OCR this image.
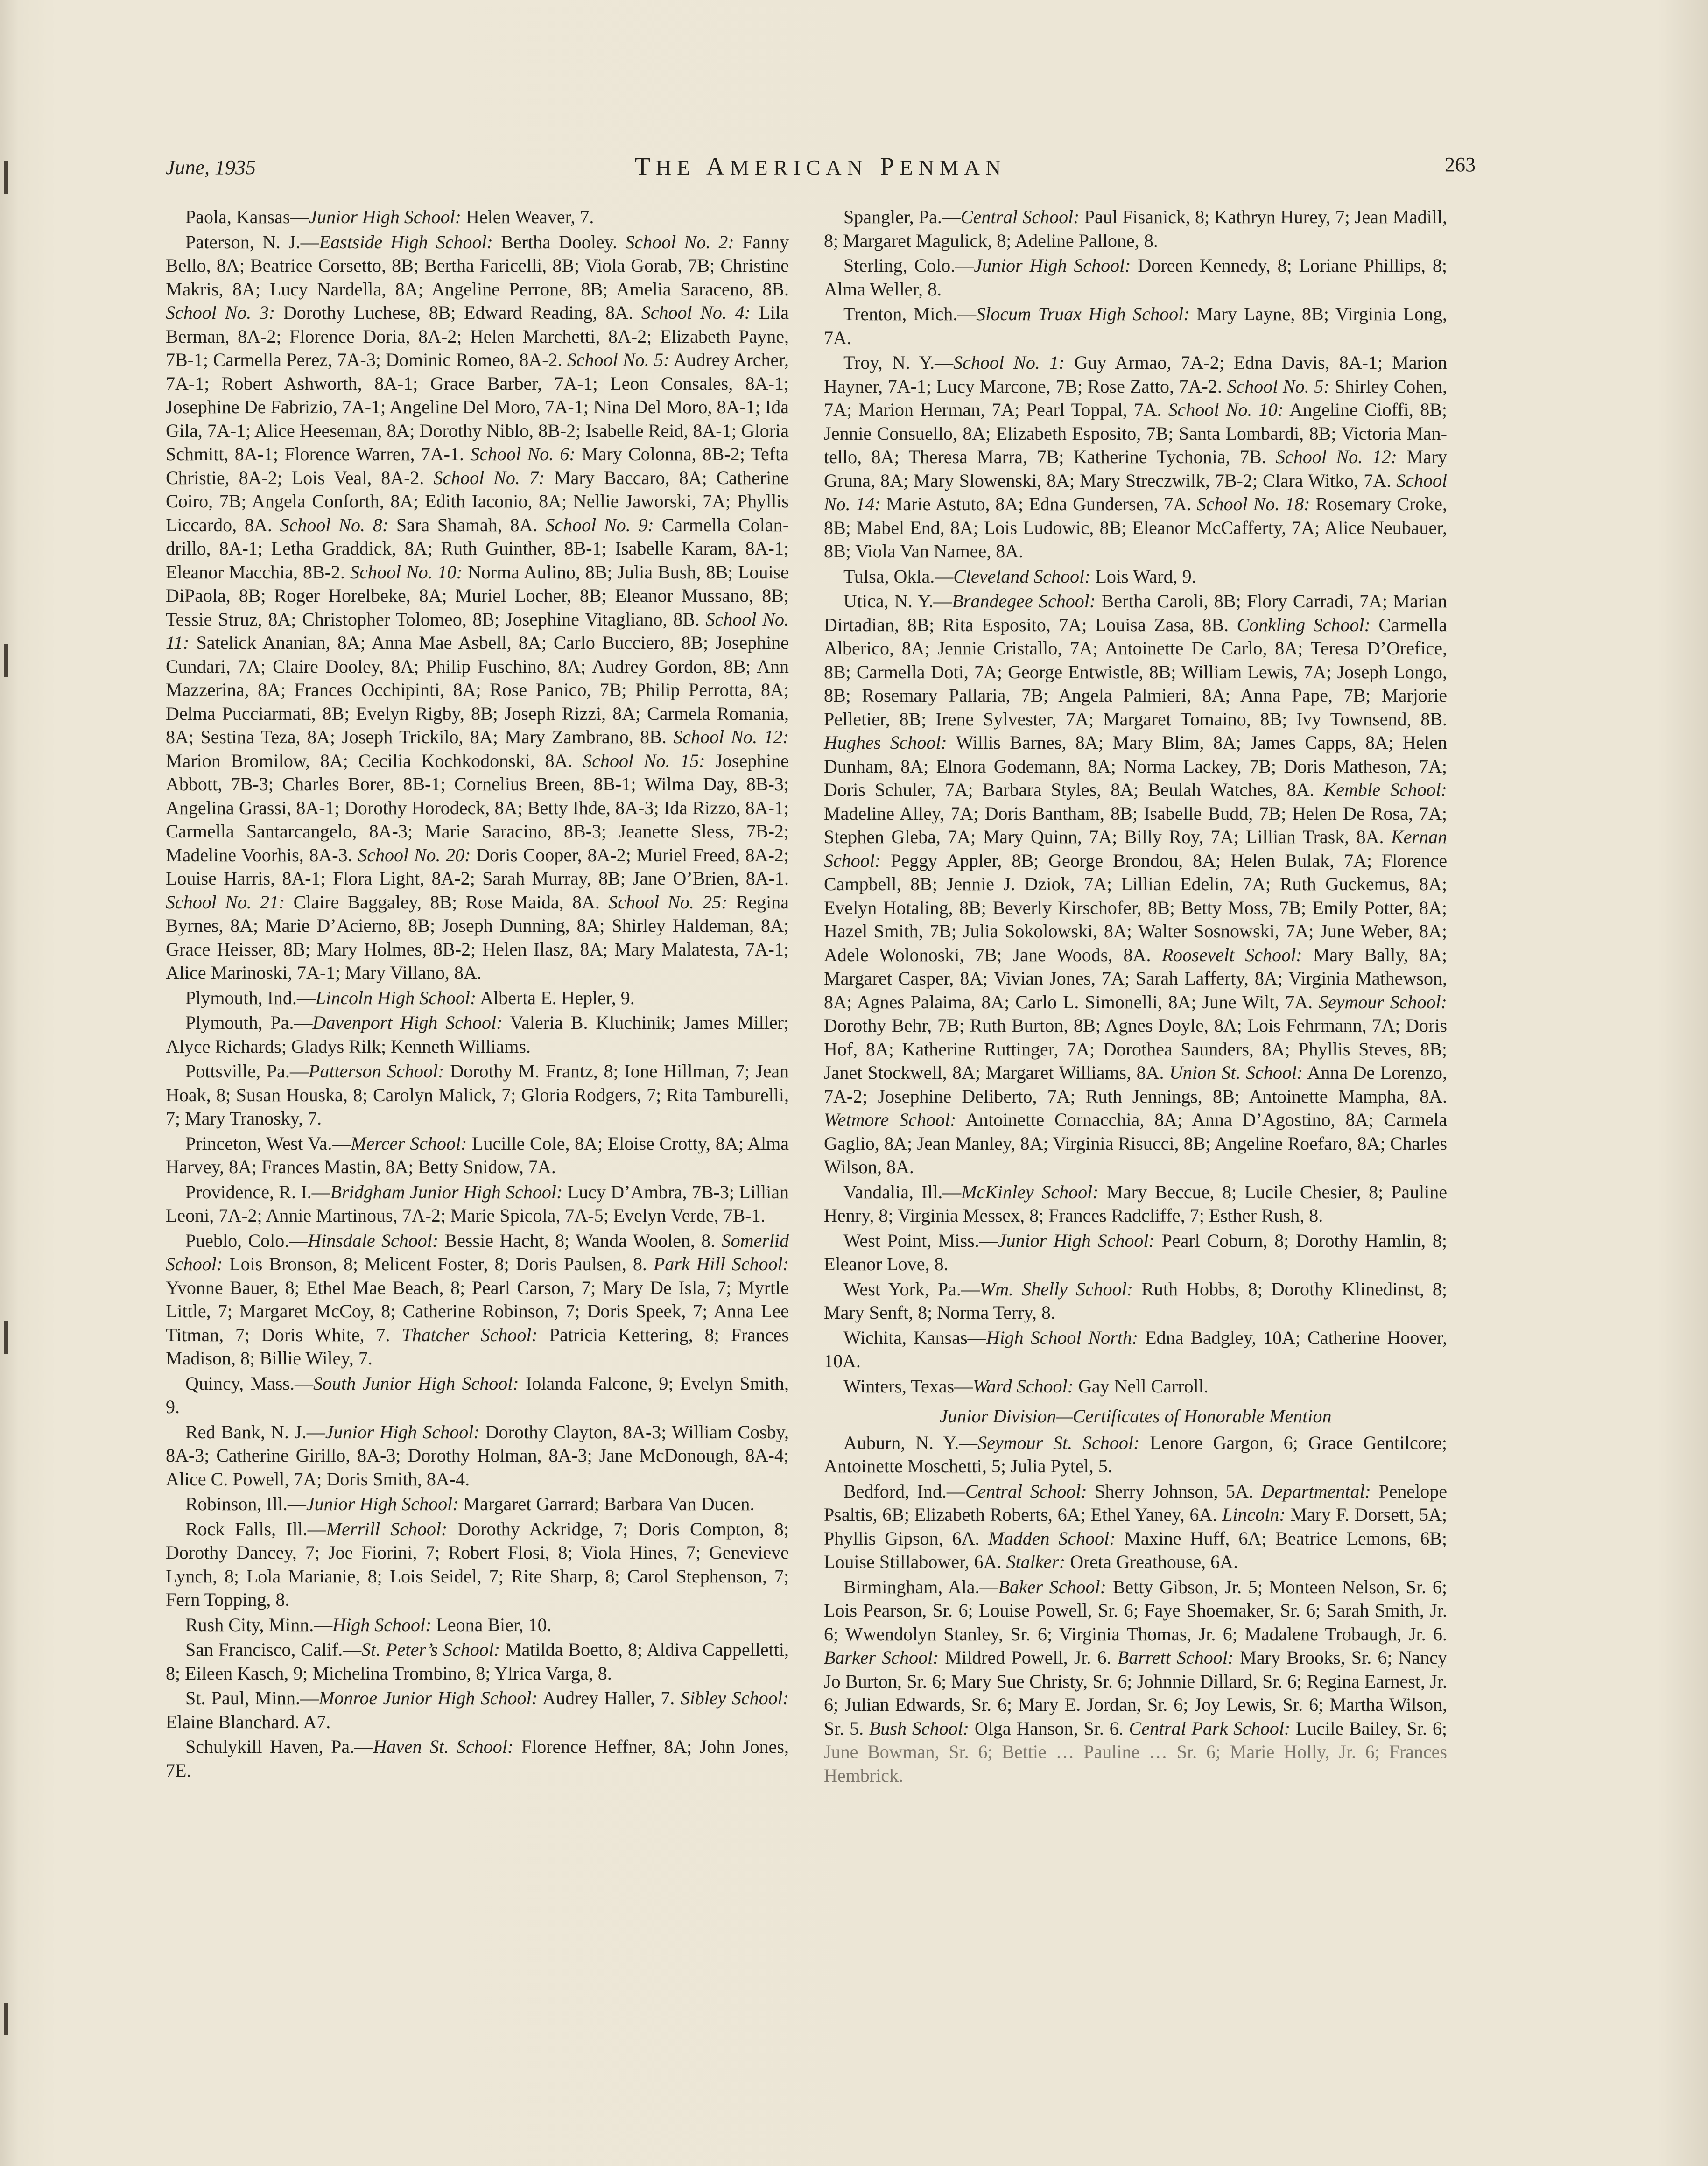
June, 1935	THE AMERICAN PENMAN	263

Paola, Kansas—Junior High School: Helen Weaver, 7.

Paterson, N. J.—Eastside High School: Bertha Dooley. School No. 2: Fanny Bello, 8A; Beatrice Corsetto, 8B; Bertha Faricelli, 8B; Viola Gorab, 7B; Christine Makris, 8A; Lucy Nardella, 8A; Angeline Perrone, 8B; Amelia Saraceno, 8B. School No. 3: Dorothy Luchese, 8B; Edward Reading, 8A. School No. 4: Lila Berman, 8A-2; Florence Doria, 8A-2; Helen Marchetti, 8A-2; Elizabeth Payne, 7B-1; Carmella Perez, 7A-3; Dominic Romeo, 8A-2. School No. 5: Audrey Archer, 7A-1; Robert Ashworth, 8A-1; Grace Barber, 7A-1; Leon Consales, 8A-1; Josephine De Fabrizio, 7A-1; Angeline Del Moro, 7A-1; Nina Del Moro, 8A-1; Ida Gila, 7A-1; Alice Heeseman, 8A; Dorothy Niblo, 8B-2; Isabelle Reid, 8A-1; Gloria Schmitt, 8A-1; Florence Warren, 7A-1. School No. 6: Mary Colonna, 8B-2; Tefta Christie, 8A-2; Lois Veal, 8A-2. School No. 7: Mary Baccaro, 8A; Catherine Coiro, 7B; Angela Conforth, 8A; Edith Iaconio, 8A; Nellie Jaworski, 7A; Phyllis Liccardo, 8A. School No. 8: Sara Shamah, 8A. School No. 9: Carmella Colandrillo, 8A-1; Letha Graddick, 8A; Ruth Guinther, 8B-1; Isabelle Karam, 8A-1; Eleanor Macchia, 8B-2. School No. 10: Norma Aulino, 8B; Julia Bush, 8B; Louise DiPaola, 8B; Roger Horelbeke, 8A; Muriel Locher, 8B; Eleanor Mussano, 8B; Tessie Struz, 8A; Christopher Tolomeo, 8B; Josephine Vitagliano, 8B. School No. 11: Satelick Ananian, 8A; Anna Mae Asbell, 8A; Carlo Bucciero, 8B; Josephine Cundari, 7A; Claire Dooley, 8A; Philip Fuschino, 8A; Audrey Gordon, 8B; Ann Mazzerina, 8A; Frances Occhipinti, 8A; Rose Panico, 7B; Philip Perrotta, 8A; Delma Pucciarmati, 8B; Evelyn Rigby, 8B; Joseph Rizzi, 8A; Carmela Romania, 8A; Sestina Teza, 8A; Joseph Trickilo, 8A; Mary Zambrano, 8B. School No. 12: Marion Bromilow, 8A; Cecilia Kochkodonski, 8A. School No. 15: Josephine Abbott, 7B-3; Charles Borer, 8B-1; Cornelius Breen, 8B-1; Wilma Day, 8B-3; Angelina Grassi, 8A-1; Dorothy Horodeck, 8A; Betty Ihde, 8A-3; Ida Rizzo, 8A-1; Carmella Santarcangelo, 8A-3; Marie Saracino, 8B-3; Jeanette Sless, 7B-2; Madeline Voorhis, 8A-3. School No. 20: Doris Cooper, 8A-2; Muriel Freed, 8A-2; Louise Harris, 8A-1; Flora Light, 8A-2; Sarah Murray, 8B; Jane O’Brien, 8A-1. School No. 21: Claire Baggaley, 8B; Rose Maida, 8A. School No. 25: Regina Byrnes, 8A; Marie D’Acierno, 8B; Joseph Dunning, 8A; Shirley Haldeman, 8A; Grace Heisser, 8B; Mary Holmes, 8B-2; Helen Ilasz, 8A; Mary Malatesta, 7A-1; Alice Marinoski, 7A-1; Mary Villano, 8A.

Plymouth, Ind.—Lincoln High School: Alberta E. Hepler, 9.

Plymouth, Pa.—Davenport High School: Valeria B. Kluchinik; James Miller; Alyce Richards; Gladys Rilk; Kenneth Williams.

Pottsville, Pa.—Patterson School: Dorothy M. Frantz, 8; Ione Hillman, 7; Jean Hoak, 8; Susan Houska, 8; Carolyn Malick, 7; Gloria Rodgers, 7; Rita Tamburelli, 7; Mary Tranosky, 7.

Princeton, West Va.—Mercer School: Lucille Cole, 8A; Eloise Crotty, 8A; Alma Harvey, 8A; Frances Mastin, 8A; Betty Snidow, 7A.

Providence, R. I.—Bridgham Junior High School: Lucy D’Ambra, 7B-3; Lillian Leoni, 7A-2; Annie Martinous, 7A-2; Marie Spicola, 7A-5; Evelyn Verde, 7B-1.

Pueblo, Colo.—Hinsdale School: Bessie Hacht, 8; Wanda Woolen, 8. Somerlid School: Lois Bronson, 8; Melicent Foster, 8; Doris Paulsen, 8. Park Hill School: Yvonne Bauer, 8; Ethel Mae Beach, 8; Pearl Carson, 7; Mary De Isla, 7; Myrtle Little, 7; Margaret McCoy, 8; Catherine Robinson, 7; Doris Speek, 7; Anna Lee Titman, 7; Doris White, 7. Thatcher School: Patricia Kettering, 8; Frances Madison, 8; Billie Wiley, 7.

Quincy, Mass.—South Junior High School: Iolanda Falcone, 9; Evelyn Smith, 9.

Red Bank, N. J.—Junior High School: Dorothy Clayton, 8A-3; William Cosby, 8A-3; Catherine Girillo, 8A-3; Dorothy Holman, 8A-3; Jane McDonough, 8A-4; Alice C. Powell, 7A; Doris Smith, 8A-4.

Robinson, Ill.—Junior High School: Margaret Garrard; Barbara Van Ducen.

Rock Falls, Ill.—Merrill School: Dorothy Ackridge, 7; Doris Compton, 8; Dorothy Dancey, 7; Joe Fiorini, 7; Robert Flosi, 8; Viola Hines, 7; Genevieve Lynch, 8; Lola Marianie, 8; Lois Seidel, 7; Rite Sharp, 8; Carol Stephenson, 7; Fern Topping, 8.

Rush City, Minn.—High School: Leona Bier, 10.

San Francisco, Calif.—St. Peter’s School: Matilda Boetto, 8; Aldiva Cappelletti, 8; Eileen Kasch, 9; Michelina Trombino, 8; Ylrica Varga, 8.

St. Paul, Minn.—Monroe Junior High School: Audrey Haller, 7. Sibley School: Elaine Blanchard. A7.

Schulykill Haven, Pa.—Haven St. School: Florence Heffner, 8A; John Jones, 7E.

Spangler, Pa.—Central School: Paul Fisanick, 8; Kathryn Hurey, 7; Jean Madill, 8; Margaret Magulick, 8; Adeline Pallone, 8.

Sterling, Colo.—Junior High School: Doreen Kennedy, 8; Loriane Phillips, 8; Alma Weller, 8.

Trenton, Mich.—Slocum Truax High School: Mary Layne, 8B; Virginia Long, 7A.

Troy, N. Y.—School No. 1: Guy Armao, 7A-2; Edna Davis, 8A-1; Marion Hayner, 7A-1; Lucy Marcone, 7B; Rose Zatto, 7A-2. School No. 5: Shirley Cohen, 7A; Marion Herman, 7A; Pearl Toppal, 7A. School No. 10: Angeline Cioffi, 8B; Jennie Consuello, 8A; Elizabeth Esposito, 7B; Santa Lombardi, 8B; Victoria Mantello, 8A; Theresa Marra, 7B; Katherine Tychonia, 7B. School No. 12: Mary Gruna, 8A; Mary Slowenski, 8A; Mary Streczwilk, 7B-2; Clara Witko, 7A. School No. 14: Marie Astuto, 8A; Edna Gundersen, 7A. School No. 18: Rosemary Croke, 8B; Mabel End, 8A; Lois Ludowic, 8B; Eleanor McCafferty, 7A; Alice Neubauer, 8B; Viola Van Namee, 8A.

Tulsa, Okla.—Cleveland School: Lois Ward, 9.

Utica, N. Y.—Brandegee School: Bertha Caroli, 8B; Flory Carradi, 7A; Marian Dirtadian, 8B; Rita Esposito, 7A; Louisa Zasa, 8B. Conkling School: Carmella Alberico, 8A; Jennie Cristallo, 7A; Antoinette De Carlo, 8A; Teresa D’Orefice, 8B; Carmella Doti, 7A; George Entwistle, 8B; William Lewis, 7A; Joseph Longo, 8B; Rosemary Pallaria, 7B; Angela Palmieri, 8A; Anna Pape, 7B; Marjorie Pelletier, 8B; Irene Sylvester, 7A; Margaret Tomaino, 8B; Ivy Townsend, 8B. Hughes School: Willis Barnes, 8A; Mary Blim, 8A; James Capps, 8A; Helen Dunham, 8A; Elnora Godemann, 8A; Norma Lackey, 7B; Doris Matheson, 7A; Doris Schuler, 7A; Barbara Styles, 8A; Beulah Watches, 8A. Kemble School: Madeline Alley, 7A; Doris Bantham, 8B; Isabelle Budd, 7B; Helen De Rosa, 7A; Stephen Gleba, 7A; Mary Quinn, 7A; Billy Roy, 7A; Lillian Trask, 8A. Kernan School: Peggy Appler, 8B; George Brondou, 8A; Helen Bulak, 7A; Florence Campbell, 8B; Jennie J. Dziok, 7A; Lillian Edelin, 7A; Ruth Guckemus, 8A; Evelyn Hotaling, 8B; Beverly Kirschofer, 8B; Betty Moss, 7B; Emily Potter, 8A; Hazel Smith, 7B; Julia Sokolowski, 8A; Walter Sosnowski, 7A; June Weber, 8A; Adele Wolonoski, 7B; Jane Woods, 8A. Roosevelt School: Mary Bally, 8A; Margaret Casper, 8A; Vivian Jones, 7A; Sarah Lafferty, 8A; Virginia Mathewson, 8A; Agnes Palaima, 8A; Carlo L. Simonelli, 8A; June Wilt, 7A. Seymour School: Dorothy Behr, 7B; Ruth Burton, 8B; Agnes Doyle, 8A; Lois Fehrmann, 7A; Doris Hof, 8A; Katherine Ruttinger, 7A; Dorothea Saunders, 8A; Phyllis Steves, 8B; Janet Stockwell, 8A; Margaret Williams, 8A. Union St. School: Anna De Lorenzo, 7A-2; Josephine Deliberto, 7A; Ruth Jennings, 8B; Antoinette Mampha, 8A. Wetmore School: Antoinette Cornacchia, 8A; Anna D’Agostino, 8A; Carmela Gaglio, 8A; Jean Manley, 8A; Virginia Risucci, 8B; Angeline Roefaro, 8A; Charles Wilson, 8A.

Vandalia, Ill.—McKinley School: Mary Beccue, 8; Lucile Chesier, 8; Pauline Henry, 8; Virginia Messex, 8; Frances Radcliffe, 7; Esther Rush, 8.

West Point, Miss.—Junior High School: Pearl Coburn, 8; Dorothy Hamlin, 8; Eleanor Love, 8.

West York, Pa.—Wm. Shelly School: Ruth Hobbs, 8; Dorothy Klinedinst, 8; Mary Senft, 8; Norma Terry, 8.

Wichita, Kansas—High School North: Edna Badgley, 10A; Catherine Hoover, 10A.

Winters, Texas—Ward School: Gay Nell Carroll.

Junior Division—Certificates of Honorable Mention

Auburn, N. Y.—Seymour St. School: Lenore Gargon, 6; Grace Gentilcore; Antoinette Moschetti, 5; Julia Pytel, 5.

Bedford, Ind.—Central School: Sherry Johnson, 5A. Departmental: Penelope Psaltis, 6B; Elizabeth Roberts, 6A; Ethel Yaney, 6A. Lincoln: Mary F. Dorsett, 5A; Phyllis Gipson, 6A. Madden School: Maxine Huff, 6A; Beatrice Lemons, 6B; Louise Stillabower, 6A. Stalker: Oreta Greathouse, 6A.

Birmingham, Ala.—Baker School: Betty Gibson, Jr. 5; Monteen Nelson, Sr. 6; Lois Pearson, Sr. 6; Louise Powell, Sr. 6; Faye Shoemaker, Sr. 6; Sarah Smith, Jr. 6; Wwendolyn Stanley, Sr. 6; Virginia Thomas, Jr. 6; Madalene Trobaugh, Jr. 6. Barker School: Mildred Powell, Jr. 6. Barrett School: Mary Brooks, Sr. 6; Nancy Jo Burton, Sr. 6; Mary Sue Christy, Sr. 6; Johnnie Dillard, Sr. 6; Regina Earnest, Jr. 6; Julian Edwards, Sr. 6; Mary E. Jordan, Sr. 6; Joy Lewis, Sr. 6; Martha Wilson, Sr. 5. Bush School: Olga Hanson, Sr. 6. Central Park School: Lucile Bailey, Sr. 6; June Bowman, Sr. 6; Bettie … Pauline … Sr. 6; Marie Holly, Jr. 6; Frances Hembrick.
